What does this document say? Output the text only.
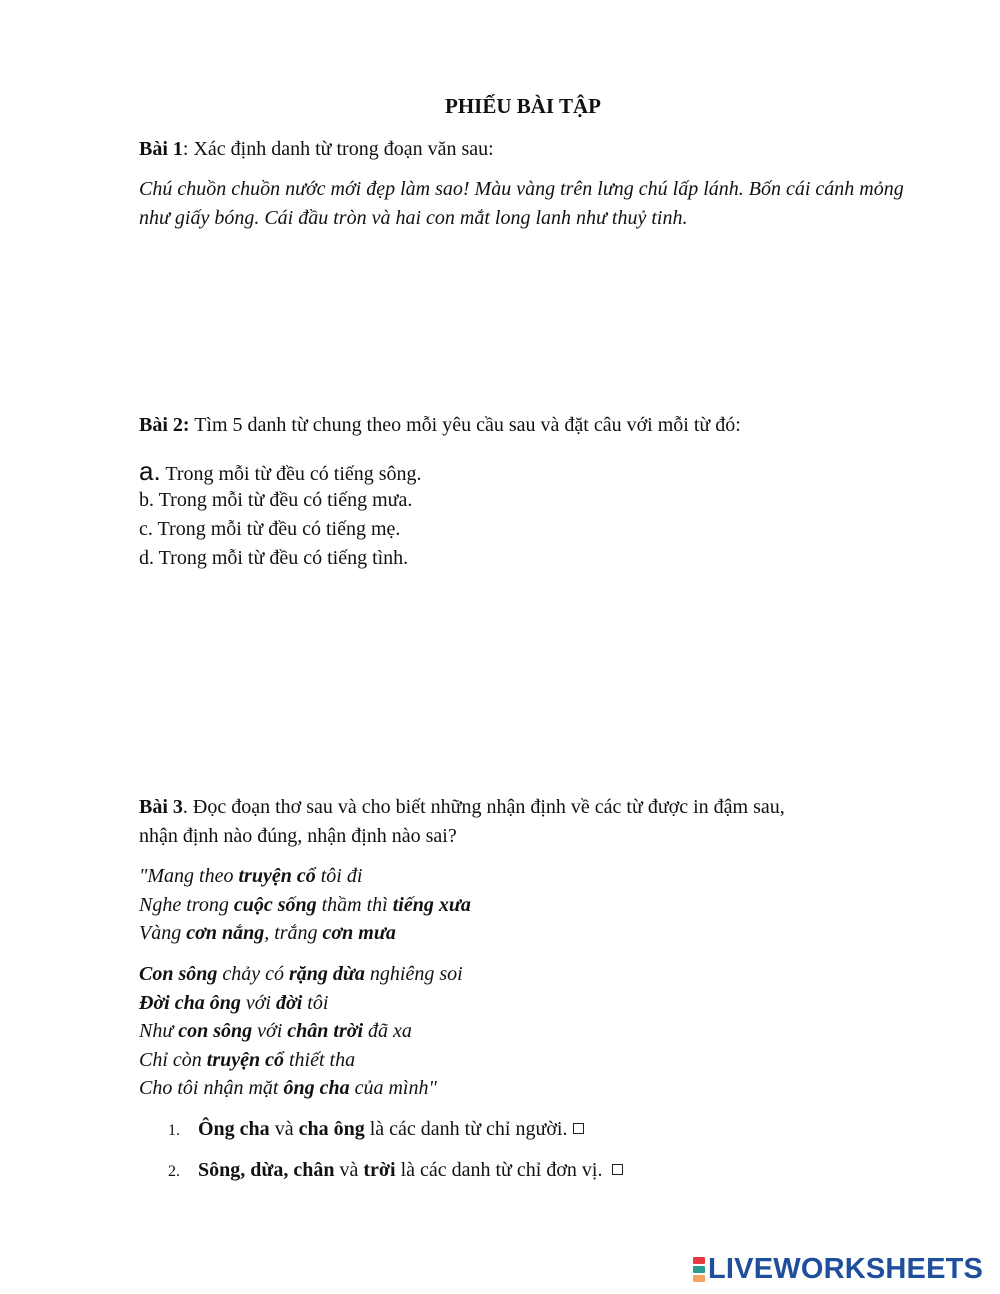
PHIẾU BÀI TẬP
Bài 1: Xác định danh từ trong đoạn văn sau:
Chú chuồn chuồn nước mới đẹp làm sao! Màu vàng trên lưng chú lấp lánh. Bốn cái cánh mỏng như giấy bóng. Cái đầu tròn và hai con mắt long lanh như thuỷ tinh.
Bài 2: Tìm 5 danh từ chung theo mỗi yêu cầu sau và đặt câu với mỗi từ đó:
a. Trong mỗi từ đều có tiếng sông.
b. Trong mỗi từ đều có tiếng mưa.
c. Trong mỗi từ đều có tiếng mẹ.
d. Trong mỗi từ đều có tiếng tình.
Bài 3. Đọc đoạn thơ sau và cho biết những nhận định về các từ được in đậm sau,
nhận định nào đúng, nhận định nào sai?
"Mang theo truyện cổ tôi đi
Nghe trong cuộc sống thầm thì tiếng xưa
Vàng cơn nắng, trắng cơn mưa
Con sông chảy có rặng dừa nghiêng soi
Đời cha ông với đời tôi
Như con sông với chân trời đã xa
Chỉ còn truyện cổ thiết tha
Cho tôi nhận mặt ông cha của mình"
1. Ông cha và cha ông là các danh từ chỉ người.
2. Sông, dừa, chân và trời là các danh từ chỉ đơn vị.
LIVEWORKSHEETS
